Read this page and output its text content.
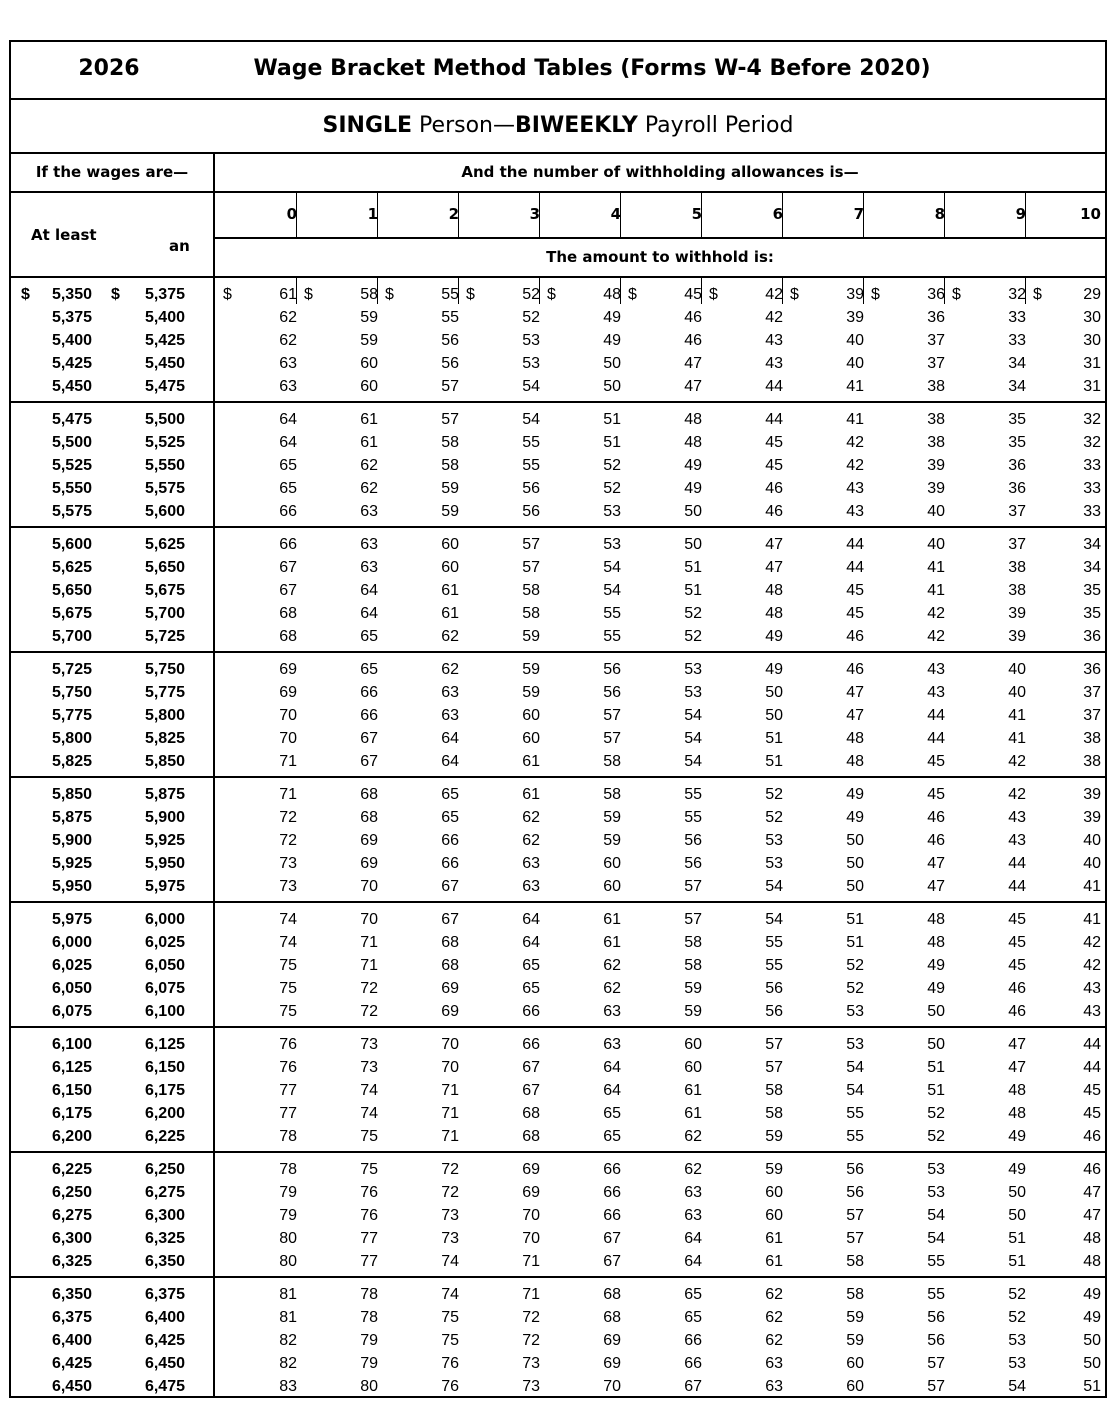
2026	Wage Bracket Method Tables (Forms W-4 Before 2020)
SINGLE Person—BIWEEKLY Payroll Period
If the wages are—	And the number of withholding allowances is—
At least
an
0	1	2	3	4	5	6	7	8	9	10
The amount to withhold is:
$	$
5,350	5,375 $	61 $	58 $	55 $	52 $	48 $	45 $	42 $	39 $	36 $	32 $	29
5,375	5,400	62	59	55	52	49	46	42	39	36	33	30
5,400	5,425	62	59	56	53	49	46	43	40	37	33	30
5,425	5,450	63	60	56	53	50	47	43	40	37	34	31
5,450	5,475	63	60	57	54	50	47	44	41	38	34	31
5,475	5,500	64	61	57	54	51	48	44	41	38	35	32
5,500	5,525	64	61	58	55	51	48	45	42	38	35	32
5,525	5,550	65	62	58	55	52	49	45	42	39	36	33
5,550	5,575	65	62	59	56	52	49	46	43	39	36	33
5,575	5,600	66	63	59	56	53	50	46	43	40	37	33
5,600	5,625	66	63	60	57	53	50	47	44	40	37	34
5,625	5,650	67	63	60	57	54	51	47	44	41	38	34
5,650	5,675	67	64	61	58	54	51	48	45	41	38	35
5,675	5,700	68	64	61	58	55	52	48	45	42	39	35
5,700	5,725	68	65	62	59	55	52	49	46	42	39	36
5,725	5,750	69	65	62	59	56	53	49	46	43	40	36
5,750	5,775	69	66	63	59	56	53	50	47	43	40	37
5,775	5,800	70	66	63	60	57	54	50	47	44	41	37
5,800	5,825	70	67	64	60	57	54	51	48	44	41	38
5,825	5,850	71	67	64	61	58	54	51	48	45	42	38
5,850	5,875	71	68	65	61	58	55	52	49	45	42	39
5,875	5,900	72	68	65	62	59	55	52	49	46	43	39
5,900	5,925	72	69	66	62	59	56	53	50	46	43	40
5,925	5,950	73	69	66	63	60	56	53	50	47	44	40
5,950	5,975	73	70	67	63	60	57	54	50	47	44	41
5,975	6,000	74	70	67	64	61	57	54	51	48	45	41
6,000	6,025	74	71	68	64	61	58	55	51	48	45	42
6,025	6,050	75	71	68	65	62	58	55	52	49	45	42
6,050	6,075	75	72	69	65	62	59	56	52	49	46	43
6,075	6,100	75	72	69	66	63	59	56	53	50	46	43
6,100	6,125	76	73	70	66	63	60	57	53	50	47	44
6,125	6,150	76	73	70	67	64	60	57	54	51	47	44
6,150	6,175	77	74	71	67	64	61	58	54	51	48	45
6,175	6,200	77	74	71	68	65	61	58	55	52	48	45
6,200	6,225	78	75	71	68	65	62	59	55	52	49	46
6,225	6,250	78	75	72	69	66	62	59	56	53	49	46
6,250	6,275	79	76	72	69	66	63	60	56	53	50	47
6,275	6,300	79	76	73	70	66	63	60	57	54	50	47
6,300	6,325	80	77	73	70	67	64	61	57	54	51	48
6,325	6,350	80	77	74	71	67	64	61	58	55	51	48
6,350	6,375	81	78	74	71	68	65	62	58	55	52	49
6,375	6,400	81	78	75	72	68	65	62	59	56	52	49
6,400	6,425	82	79	75	72	69	66	62	59	56	53	50
6,425	6,450	82	79	76	73	69	66	63	60	57	53	50
6,450	6,475	83	80	76	73	70	67	63	60	57	54	51
